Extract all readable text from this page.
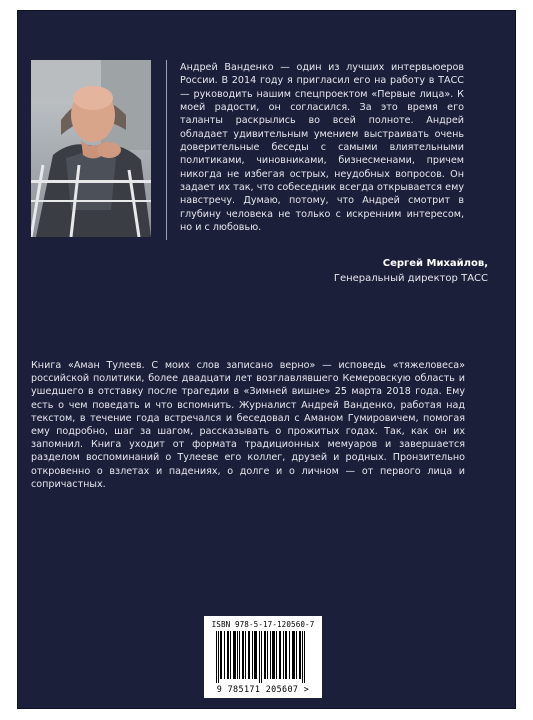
Андрей Ванденко — один из лучших интервьюеров России. В 2014 году я пригласил его на работу в ТАСС — руководить нашим спецпроектом «Первые лица». К моей радости, он согласился. За это время его таланты раскрылись во всей полноте. Андрей обладает удивительным умением выстраивать очень доверительные беседы с самыми влиятельными политиками, чиновниками, бизнесменами, причем никогда не избегая острых, неудобных вопросов. Он задает их так, что собеседник всегда открывается ему навстречу. Думаю, потому, что Андрей смотрит в глубину человека не только с искренним интересом, но и с любовью.
Сергей Михайлов,
Генеральный директор ТАСС
Книга «Аман Тулеев. С моих слов записано верно» — исповедь «тяжеловеса» российской политики, более двадцати лет возглавлявшего Кемеровскую область и ушедшего в отставку после трагедии в «Зимней вишне» 25 марта 2018 года. Ему есть о чем поведать и что вспомнить. Журналист Андрей Ванденко, работая над текстом, в течение года встречался и беседовал с Аманом Гумировичем, помогая ему подробно, шаг за шагом, рассказывать о прожитых годах. Так, как он их запомнил. Книга уходит от формата традиционных мемуаров и завершается разделом воспоминаний о Тулееве его коллег, друзей и родных. Пронзительно откровенно о взлетах и падениях, о долге и о личном — от первого лица и сопричастных.
ISBN 978-5-17-120560-7
9 785171 205607 >
